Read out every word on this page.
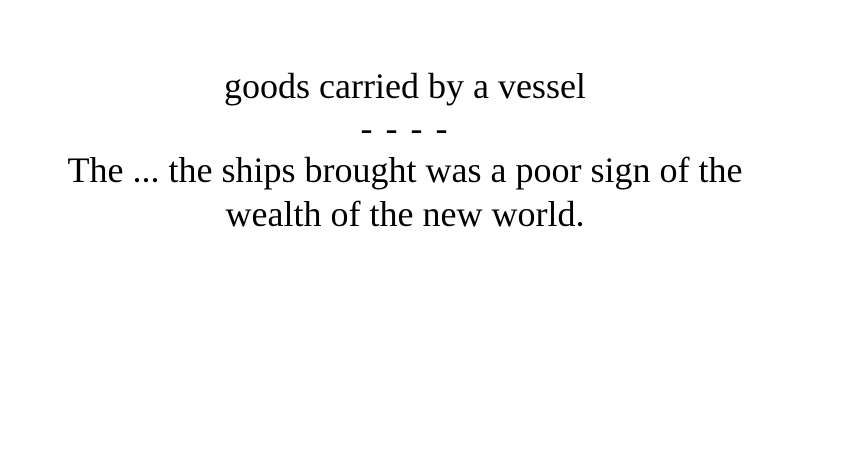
goods carried by a vessel

- - - -

The ... the ships brought was a poor sign of the wealth of the new world.
